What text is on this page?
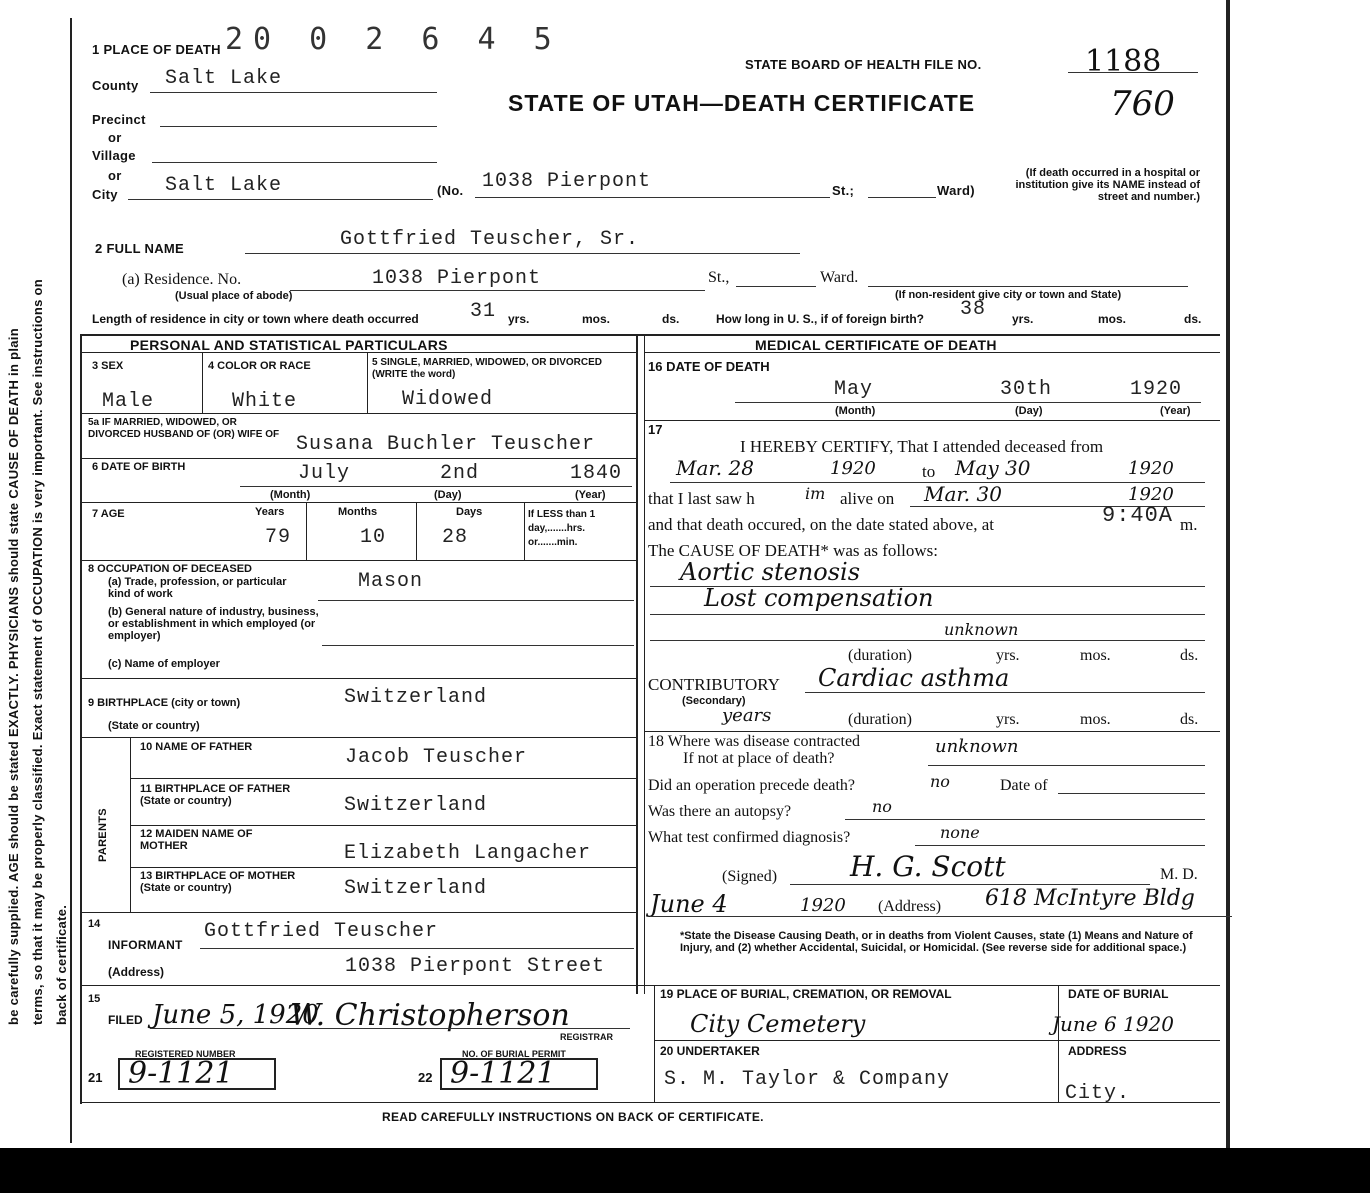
be carefully supplied. AGE should be stated EXACTLY. PHYSICIANS should state CAUSE OF DEATH in plain terms, so that it may be properly classified. Exact statement of OCCUPATION is very important. See instructions on back of certificate.
20 0 2 6 4 5
STATE BOARD OF HEALTH FILE NO.	1188
STATE OF UTAH—DEATH CERTIFICATE	760
1 PLACE OF DEATH
County Salt Lake
Precinct
or
Village
or
City Salt Lake	(No. 1038 Pierpont	St.;	Ward)
(If death occurred in a hospital or institution give its NAME instead of street and number.)
2 FULL NAME	Gottfried Teuscher, Sr.
(a) Residence. No.
(Usual place of abode)
1038 Pierpont	St.,	Ward.
(If non-resident give city or town and State)
Length of residence in city or town where death occurred	31 yrs.	mos.	ds.	How long in U. S., if of foreign birth? 38 yrs.	mos.	ds.
PERSONAL AND STATISTICAL PARTICULARS	MEDICAL CERTIFICATE OF DEATH
3 SEX	4 COLOR OR RACE	5 SINGLE, MARRIED, WIDOWED, OR DIVORCED (WRITE the word)
Male	White	Widowed
5a IF MARRIED, WIDOWED, OR DIVORCED HUSBAND OF (OR) WIFE OF Susana Buchler Teuscher
6 DATE OF BIRTH	July	2nd	1840
(Month)	(Day)	(Year)
7 AGE	Years	Months	Days	If LESS than 1 day,.......hrs. or.......min.
79	10	28
8 OCCUPATION OF DECEASED
(a) Trade, profession, or particular kind of work
Mason
(b) General nature of industry, business, or establishment in which employed (or employer)
(c) Name of employer
9 BIRTHPLACE (city or town)	Switzerland
(State or country)
PARENTS
10 NAME OF FATHER	Jacob Teuscher
11 BIRTHPLACE OF FATHER (State or country)	Switzerland
12 MAIDEN NAME OF MOTHER	Elizabeth Langacher
13 BIRTHPLACE OF MOTHER (State or country)	Switzerland
14
INFORMANT
Gottfried Teuscher
(Address)	1038 Pierpont Street
15
FILED June 5, 1920
W. Christopherson
REGISTRAR
REGISTERED NUMBER
21 9-1121
NO. OF BURIAL PERMIT
22 9-1121
READ CAREFULLY INSTRUCTIONS ON BACK OF CERTIFICATE.
16 DATE OF DEATH
May	30th	1920
(Month)	(Day)	(Year)
17
I HEREBY CERTIFY, That I attended deceased from
Mar. 28	1920	to May 30	1920
that I last saw h	im alive on Mar. 30	1920
and that death occured, on the date stated above, at	9:40A m.
The CAUSE OF DEATH* was as follows:
Aortic stenosis
Lost compensation
unknown
(duration)	yrs.	mos.	ds.
CONTRIBUTORY Cardiac asthma
(Secondary)
years	(duration)	yrs.	mos.	ds.
18 Where was disease contracted
If not at place of death?
unknown
Did an operation precede death?	no	Date of
Was there an autopsy?	no
What test confirmed diagnosis?	none
(Signed)	H. G. Scott	M. D.
June 4	1920 (Address) 618 McIntyre Bldg
*State the Disease Causing Death, or in deaths from Violent Causes, state (1) Means and Nature of Injury, and (2) whether Accidental, Suicidal, or Homicidal. (See reverse side for additional space.)
19 PLACE OF BURIAL, CREMATION, OR REMOVAL
City Cemetery
DATE OF BURIAL
June 6 1920
20 UNDERTAKER
S. M. Taylor & Company
ADDRESS
City.
